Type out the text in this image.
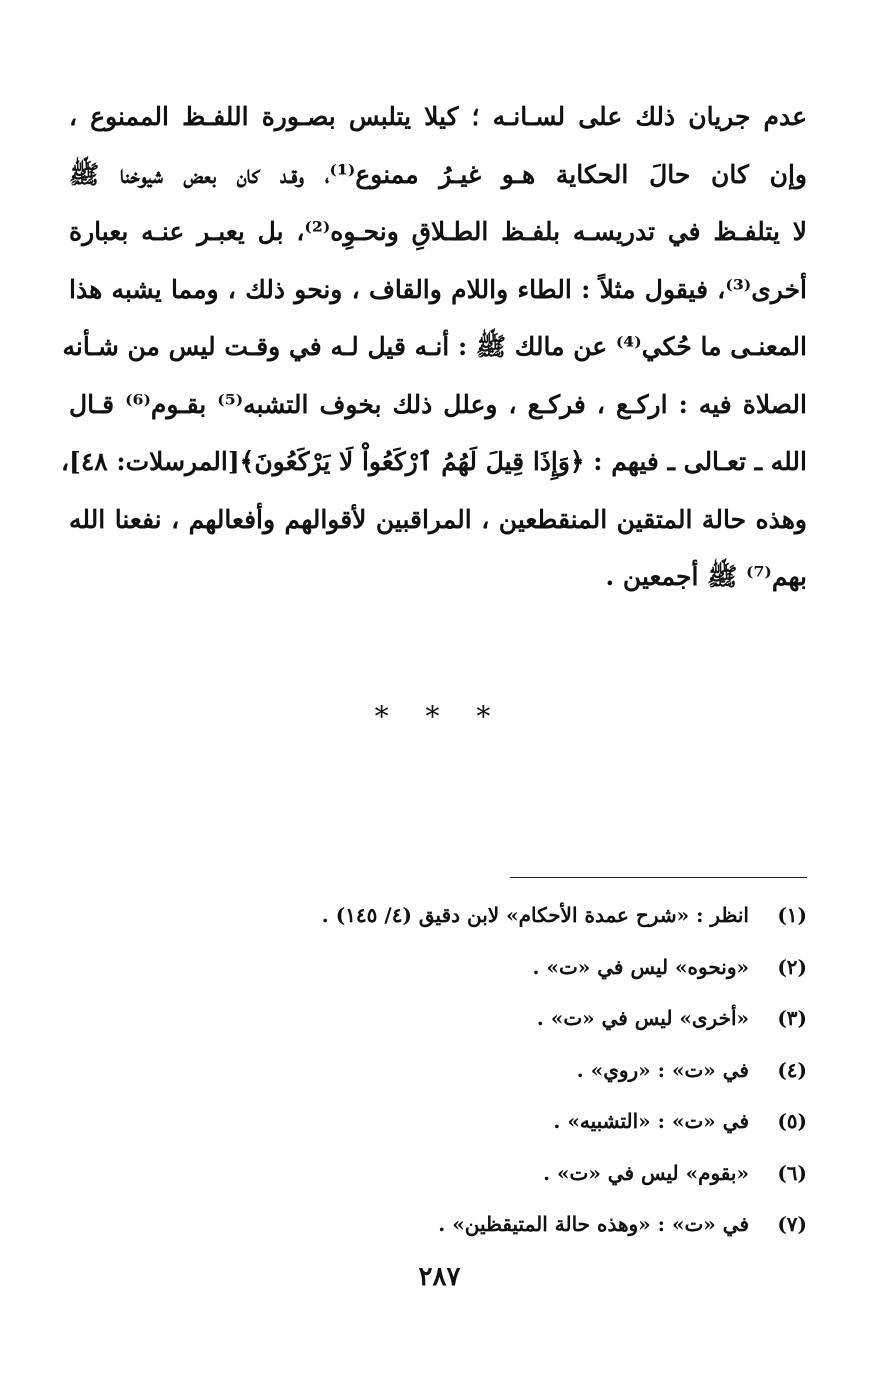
عدم جريان ذلك على لسـانـه ؛ كيلا يتلبس بصـورة اللفـظ الممنوع ،
وإن كان حالَ الحكاية هـو غيـرُ ممنوع⁽¹⁾، وقـد كان بعض شيوخنا ﷺ
لا يتلفـظ في تدريسـه بلفـظ الطـلاقِ ونحـوِه⁽²⁾، بل يعبـر عنـه بعبارة
أخرى⁽³⁾، فيقول مثلاً : الطاء واللام والقاف ، ونحو ذلك ، ومما يشبه هذا
المعنـى ما حُكي⁽⁴⁾ عن مالك ﷺ : أنـه قيل لـه في وقـت ليس من شـأنه
الصلاة فيه : اركـع ، فركـع ، وعلل ذلك بخوف التشبه⁽⁵⁾ بقـوم⁽⁶⁾ قـال
الله ـ تعـالى ـ فيهم : ﴿وَإِذَا قِيلَ لَهُمُ ٱرْكَعُواْ لَا يَرْكَعُونَ﴾[المرسلات: ٤٨]،
وهذه حالة المتقين المنقطعين ، المراقبين لأقوالهم وأفعالهم ، نفعنا الله
بهم⁽⁷⁾ ﷺ أجمعين .
* * *
(١)
انظر : «شرح عمدة الأحكام» لابن دقيق (٤/ ١٤٥) .
(٢)
«ونحوه» ليس في «ت» .
(٣)
«أخرى» ليس في «ت» .
(٤)
في «ت» : «روي» .
(٥)
في «ت» : «التشبيه» .
(٦)
«بقوم» ليس في «ت» .
(٧)
في «ت» : «وهذه حالة المتيقظين» .
٢٨٧
